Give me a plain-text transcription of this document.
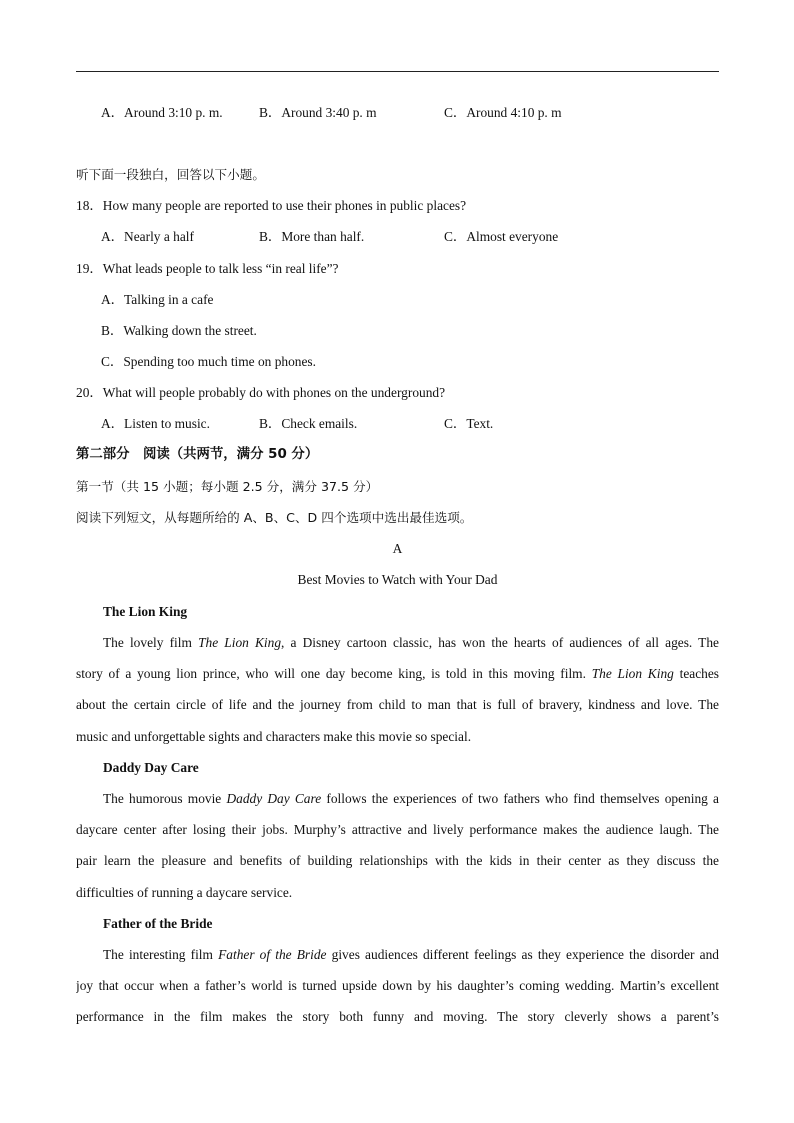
A．Around 3:10 p. m.	B．Around 3:40 p. m	C．Around 4:10 p. m
听下面一段独白，回答以下小题。
18．How many people are reported to use their phones in public places?
A．Nearly a half	B．More than half.	C．Almost everyone
19．What leads people to talk less “in real life”?
A．Talking in a cafe
B．Walking down the street.
C．Spending too much time on phones.
20．What will people probably do with phones on the underground?
A．Listen to music.	B．Check emails.	C．Text.
第二部分　阅读（共两节，满分 50 分）
第一节（共 15 小题；每小题 2.5 分，满分 37.5 分）
阅读下列短文，从每题所给的 A、B、C、D 四个选项中选出最佳选项。
A
Best Movies to Watch with Your Dad
The Lion King
The lovely film The Lion King, a Disney cartoon classic, has won the hearts of audiences of all ages. The
story of a young lion prince, who will one day become king, is told in this moving film. The Lion King teaches
about the certain circle of life and the journey from child to man that is full of bravery, kindness and love. The
music and unforgettable sights and characters make this movie so special.
Daddy Day Care
The humorous movie Daddy Day Care follows the experiences of two fathers who find themselves opening a
daycare center after losing their jobs. Murphy’s attractive and lively performance makes the audience laugh. The
pair learn the pleasure and benefits of building relationships with the kids in their center as they discuss the
difficulties of running a daycare service.
Father of the Bride
The interesting film Father of the Bride gives audiences different feelings as they experience the disorder and
joy that occur when a father’s world is turned upside down by his daughter’s coming wedding. Martin’s excellent
performance in the film makes the story both funny and moving. The story cleverly shows a parent’s
